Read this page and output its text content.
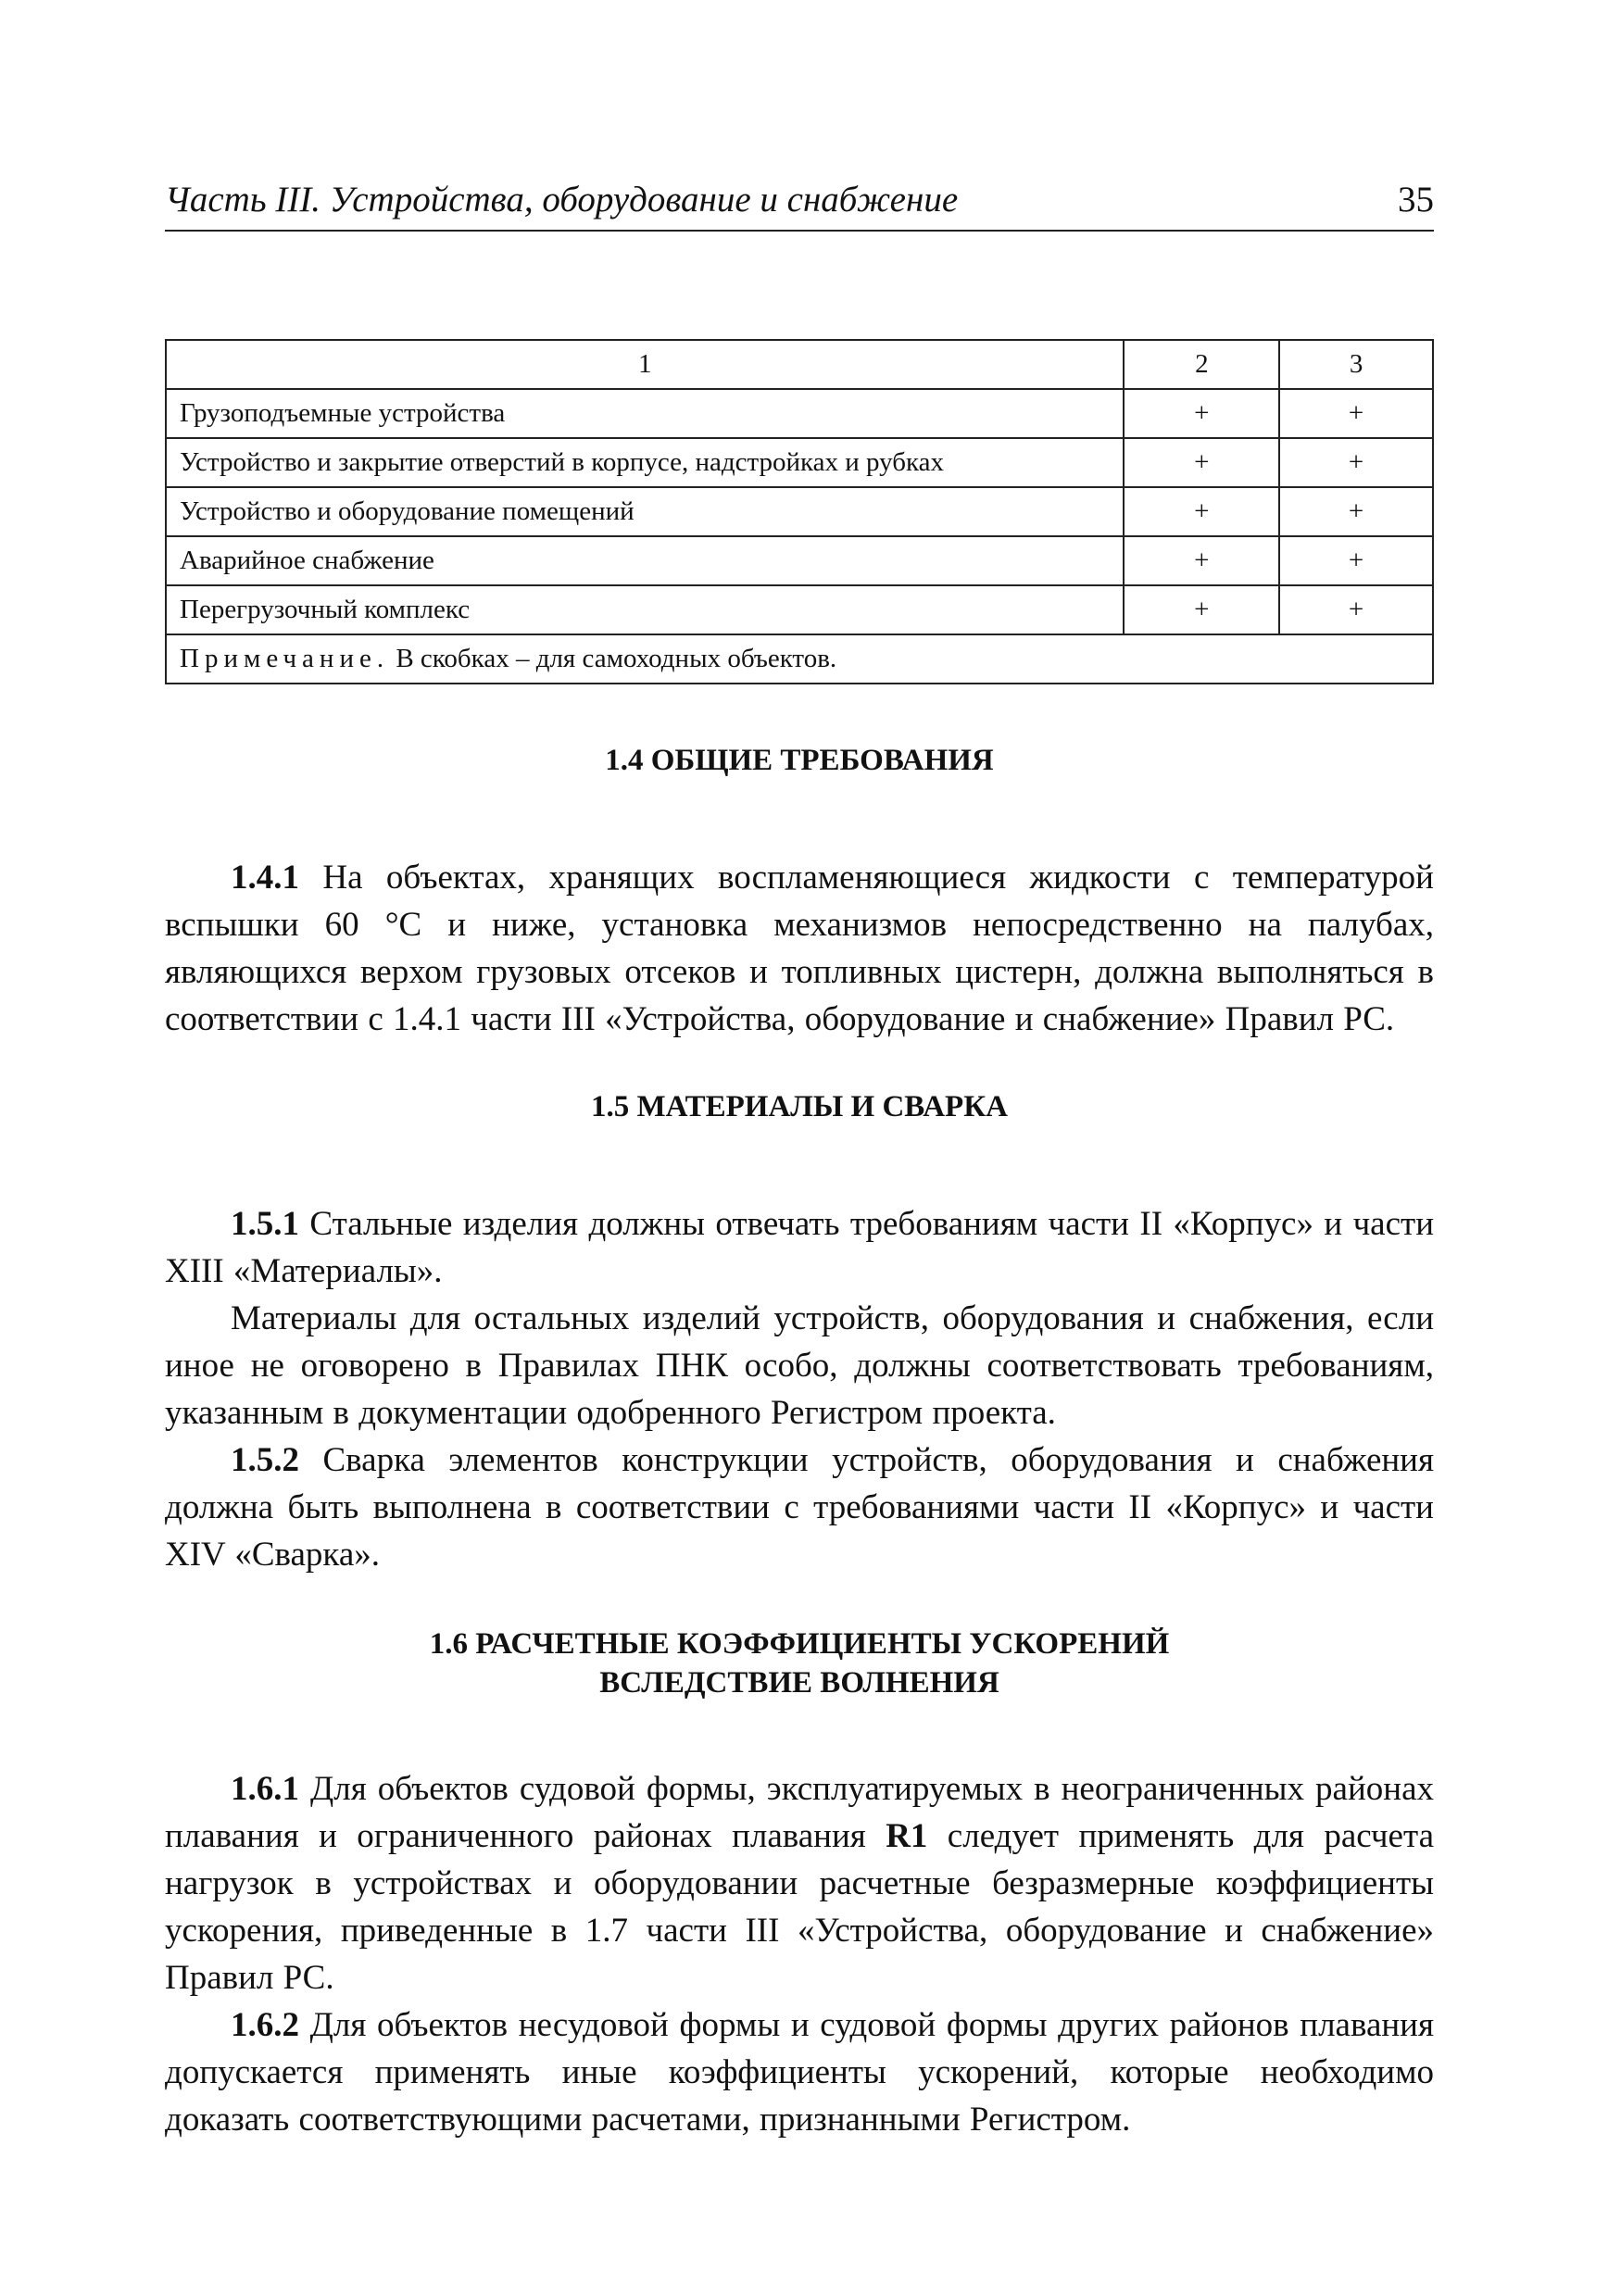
Часть III. Устройства, оборудование и снабжение	35
1	2	3
Грузоподъемные устройства	+	+
Устройство и закрытие отверстий в корпусе, надстройках и рубках	+	+
Устройство и оборудование помещений	+	+
Аварийное снабжение	+	+
Перегрузочный комплекс	+	+
Примечание. В скобках – для самоходных объектов.		
1.4 ОБЩИЕ ТРЕБОВАНИЯ

1.4.1 На объектах, хранящих воспламеняющиеся жидкости с температурой вспышки 60 °С и ниже, установка механизмов непосредственно на палубах, являющихся верхом грузовых отсеков и топливных цистерн, должна выполняться в соответствии с 1.4.1 части III «Устройства, оборудование и снабжение» Правил РС.

1.5 МАТЕРИАЛЫ И СВАРКА

1.5.1 Стальные изделия должны отвечать требованиям части II «Корпус» и части XIII «Материалы».

Материалы для остальных изделий устройств, оборудования и снабжения, если иное не оговорено в Правилах ПНК особо, должны соответствовать требованиям, указанным в документации одобренного Регистром проекта.

1.5.2 Сварка элементов конструкции устройств, оборудования и снабжения должна быть выполнена в соответствии с требованиями части II «Корпус» и части XIV «Сварка».

1.6 РАСЧЕТНЫЕ КОЭФФИЦИЕНТЫ УСКОРЕНИЙ
ВСЛЕДСТВИЕ ВОЛНЕНИЯ

1.6.1 Для объектов судовой формы, эксплуатируемых в неограниченных районах плавания и ограниченного районах плавания R1 следует применять для расчета нагрузок в устройствах и оборудовании расчетные безразмерные коэффициенты ускорения, приведенные в 1.7 части III «Устройства, оборудование и снабжение» Правил РС.

1.6.2 Для объектов несудовой формы и судовой формы других районов плавания допускается применять иные коэффициенты ускорений, которые необходимо доказать соответствующими расчетами, признанными Регистром.
